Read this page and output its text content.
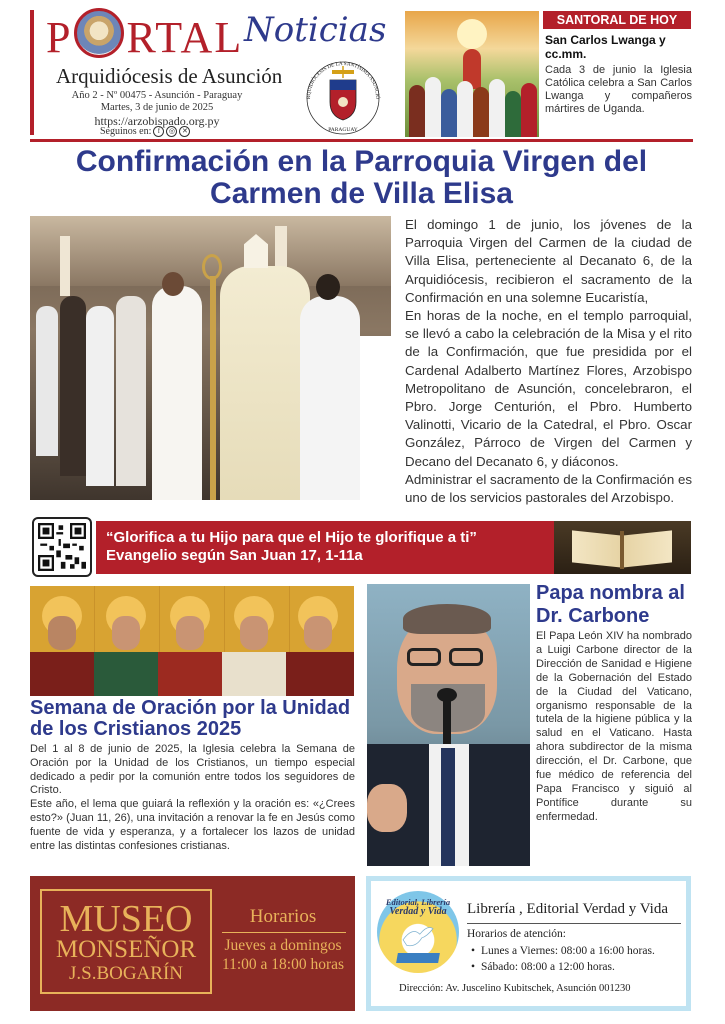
P RTAL Noticias
Arquidiócesis de Asunción
Año 2 - Nº 00475 - Asunción - Paraguay
Martes, 3 de junio de 2025
https://arzobispado.org.py
Seguinos en: f	◎	✕
RQUIDIÓCESIS DE LA SANTÍSIMA ASUNCIÓ
PARAGUAY
SANTORAL DE HOY
San Carlos Lwanga y cc.mm.
Cada 3 de junio la Iglesia Católica celebra a San Carlos Lwanga y compañeros mártires de Uganda.
Confirmación en la Parroquia Virgen del Carmen de Villa Elisa

El domingo 1 de junio, los jóvenes de la Parroquia Virgen del Carmen de la ciudad de Villa Elisa, perteneciente al Decanato 6, de la Arquidiócesis, recibieron el sacramento de la Confirmación en una solemne Eucaristía,

En horas de la noche, en el templo parroquial, se llevó a cabo la celebración de la Misa y el rito de la Confirmación, que fue presidida por el Cardenal Adalberto Martínez Flores, Arzobispo Metropolitano de Asunción, concelebraron, el Pbro. Jorge Centurión, el Pbro. Humberto Valinotti, Vicario de la Catedral, el Pbro. Oscar González, Párroco de Virgen del Carmen y Decano del Decanato 6, y diáconos.

Administrar el sacramento de la Confirmación es uno de los servicios pastorales del Arzobispo.

“Glorifica a tu Hijo para que el Hijo te glorifique a ti”
Evangelio según San Juan 17, 1-11a
Semana de Oración por la Unidad de los Cristianos 2025

Del 1 al 8 de junio de 2025, la Iglesia celebra la Semana de Oración por la Unidad de los Cristianos, un tiempo especial dedicado a pedir por la comunión entre todos los seguidores de Cristo.

Este año, el lema que guiará la reflexión y la oración es: «¿Crees esto?» (Juan 11, 26), una invitación a renovar la fe en Jesús como fuente de vida y esperanza, y a fortalecer los lazos de unidad entre las distintas confesiones cristianas.

Papa nombra al Dr. Carbone
El Papa León XIV ha nombrado a Luigi Carbone director de la Dirección de Sanidad e Higiene de la Gobernación del Estado de la Ciudad del Vaticano, organismo responsable de la tutela de la higiene pública y la salud en el Vaticano. Hasta ahora subdirector de la misma dirección, el Dr. Carbone, que fue médico de referencia del Papa Francisco y siguió al Pontífice durante su enfermedad.
MUSEO
MONSEÑOR
J.S.BOGARÍN
Horarios
Jueves a domingos
11:00 a 18:00 horas
Editorial, Librería
Verdad y Vida	Librería , Editorial Verdad y Vida
Horarios de atención:
• Lunes a Viernes: 08:00 a 16:00 horas.
• Sábado: 08:00 a 12:00 horas.
Dirección: Av. Juscelino Kubitschek, Asunción 001230
